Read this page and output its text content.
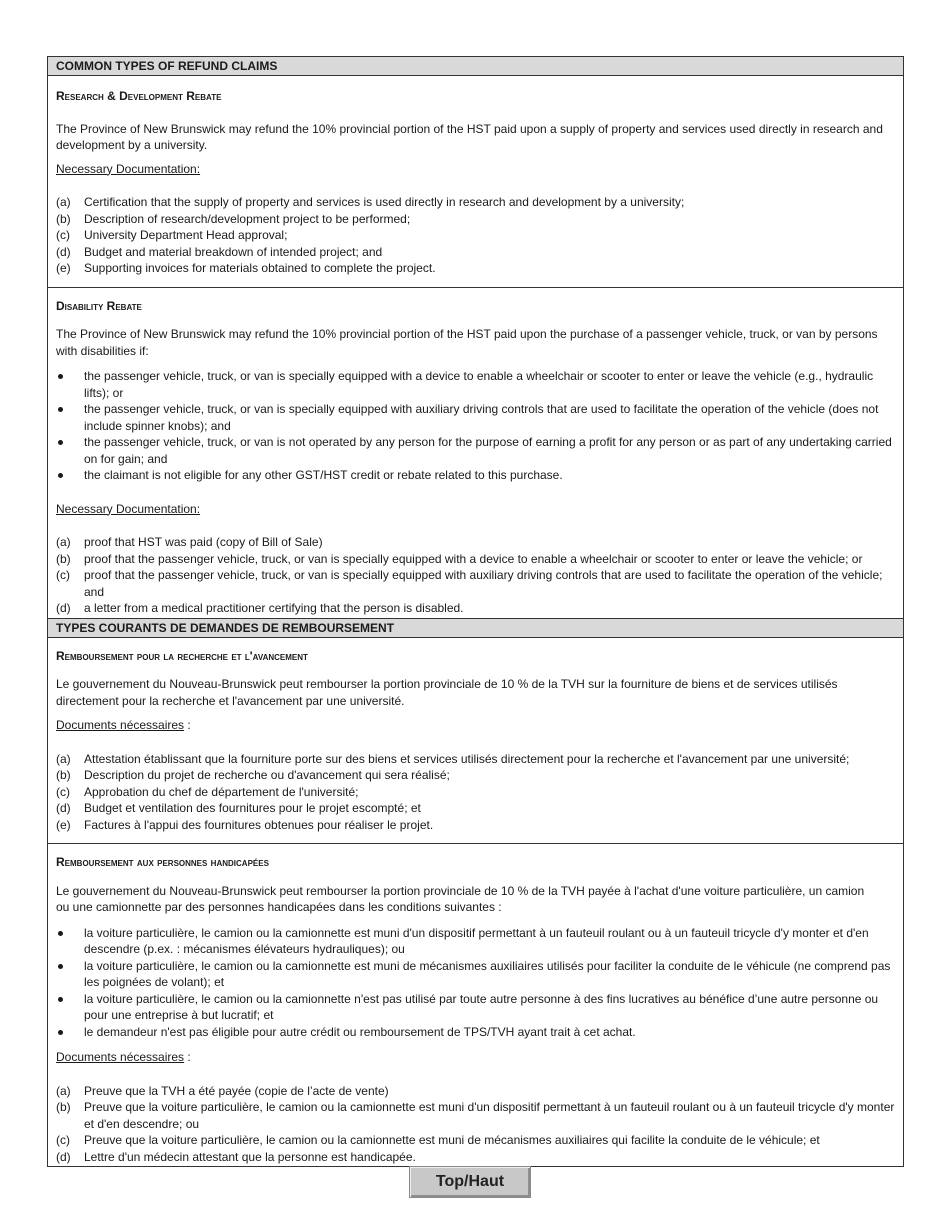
COMMON TYPES OF REFUND CLAIMS
Research & Development Rebate

The Province of New Brunswick may refund the 10% provincial portion of the HST paid upon a supply of property and services used directly in research and development by a university.

Necessary Documentation:

(a)	Certification that the supply of property and services is used directly in research and development by a university;
(b)	Description of research/development project to be performed;
(c)	University Department Head approval;
(d)	Budget and material breakdown of intended project; and
(e)	Supporting invoices for materials obtained to complete the project.
Disability Rebate

The Province of New Brunswick may refund the 10% provincial portion of the HST paid upon the purchase of a passenger vehicle, truck, or van by persons

with disabilities if:

the passenger vehicle, truck, or van is specially equipped with a device to enable a wheelchair or scooter to enter or leave the vehicle (e.g., hydraulic lifts); or
the passenger vehicle, truck, or van is specially equipped with auxiliary driving controls that are used to facilitate the operation of the vehicle (does not include spinner knobs); and
the passenger vehicle, truck, or van is not operated by any person for the purpose of earning a profit for any person or as part of any undertaking carried on for gain; and
the claimant is not eligible for any other GST/HST credit or rebate related to this purchase.

Necessary Documentation:

(a)	proof that HST was paid (copy of Bill of Sale)
(b)	proof that the passenger vehicle, truck, or van is specially equipped with a device to enable a wheelchair or scooter to enter or leave the vehicle; or
(c)	proof that the passenger vehicle, truck, or van is specially equipped with auxiliary driving controls that are used to facilitate the operation of the vehicle; and
(d)	a letter from a medical practitioner certifying that the person is disabled.
TYPES COURANTS DE DEMANDES DE REMBOURSEMENT
Remboursement pour la recherche et l'avancement

Le gouvernement du Nouveau-Brunswick peut rembourser la portion provinciale de 10 % de la TVH sur la fourniture de biens et de services utilisés

directement pour la recherche et l'avancement par une université.

Documents nécessaires :

(a)	Attestation établissant que la fourniture porte sur des biens et services utilisés directement pour la recherche et l'avancement par une université;
(b)	Description du projet de recherche ou d'avancement qui sera réalisé;
(c)	Approbation du chef de département de l'université;
(d)	Budget et ventilation des fournitures pour le projet escompté; et
(e)	Factures à l'appui des fournitures obtenues pour réaliser le projet.
Remboursement aux personnes handicapées

Le gouvernement du Nouveau-Brunswick peut rembourser la portion provinciale de 10 % de la TVH payée à l'achat d'une voiture particulière, un camion

ou une camionnette par des personnes handicapées dans les conditions suivantes :

la voiture particulière, le camion ou la camionnette est muni d'un dispositif permettant à un fauteuil roulant ou à un fauteuil tricycle d'y monter et d'en descendre (p.ex. : mécanismes élévateurs hydrauliques); ou
la voiture particulière, le camion ou la camionnette est muni de mécanismes auxiliaires utilisés pour faciliter la conduite de le véhicule (ne comprend pas les poignées de volant); et
la voiture particulière, le camion ou la camionnette n'est pas utilisé par toute autre personne à des fins lucratives au bénéfice d’une autre personne ou pour une entreprise à but lucratif; et
le demandeur n'est pas éligible pour autre crédit ou remboursement de TPS/TVH ayant trait à cet achat.

Documents nécessaires :

(a)	Preuve que la TVH a été payée (copie de l’acte de vente)
(b)	Preuve que la voiture particulière, le camion ou la camionnette est muni d'un dispositif permettant à un fauteuil roulant ou à un fauteuil tricycle d'y monter et d'en descendre; ou
(c)	Preuve que la voiture particulière, le camion ou la camionnette est muni de mécanismes auxiliaires qui facilite la conduite de le véhicule; et
(d)	Lettre d'un médecin attestant que la personne est handicapée.
Top/Haut
